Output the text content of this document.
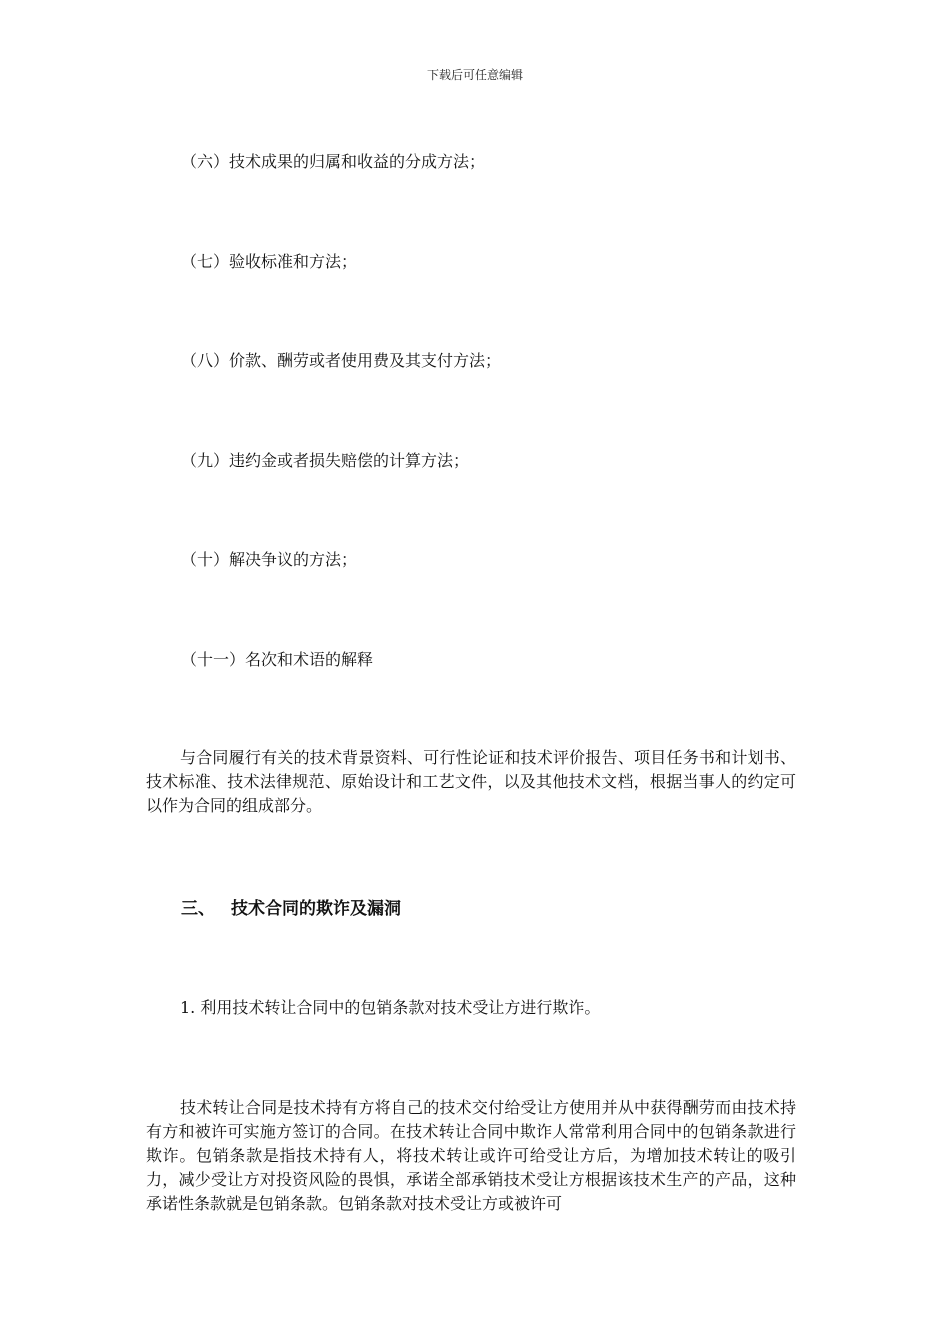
下载后可任意编辑
（六）技术成果的归属和收益的分成方法；
（七）验收标准和方法；
（八）价款、酬劳或者使用费及其支付方法；
（九）违约金或者损失赔偿的计算方法；
（十）解决争议的方法；
（十一）名次和术语的解释
与合同履行有关的技术背景资料、可行性论证和技术评价报告、项目任务书和计划书、技术标准、技术法律规范、原始设计和工艺文件，以及其他技术文档，根据当事人的约定可以作为合同的组成部分。
三、 技术合同的欺诈及漏洞
1. 利用技术转让合同中的包销条款对技术受让方进行欺诈。
技术转让合同是技术持有方将自己的技术交付给受让方使用并从中获得酬劳而由技术持有方和被许可实施方签订的合同。在技术转让合同中欺诈人常常利用合同中的包销条款进行欺诈。包销条款是指技术持有人，将技术转让或许可给受让方后，为增加技术转让的吸引力，减少受让方对投资风险的畏惧，承诺全部承销技术受让方根据该技术生产的产品，这种承诺性条款就是包销条款。包销条款对技术受让方或被许可
